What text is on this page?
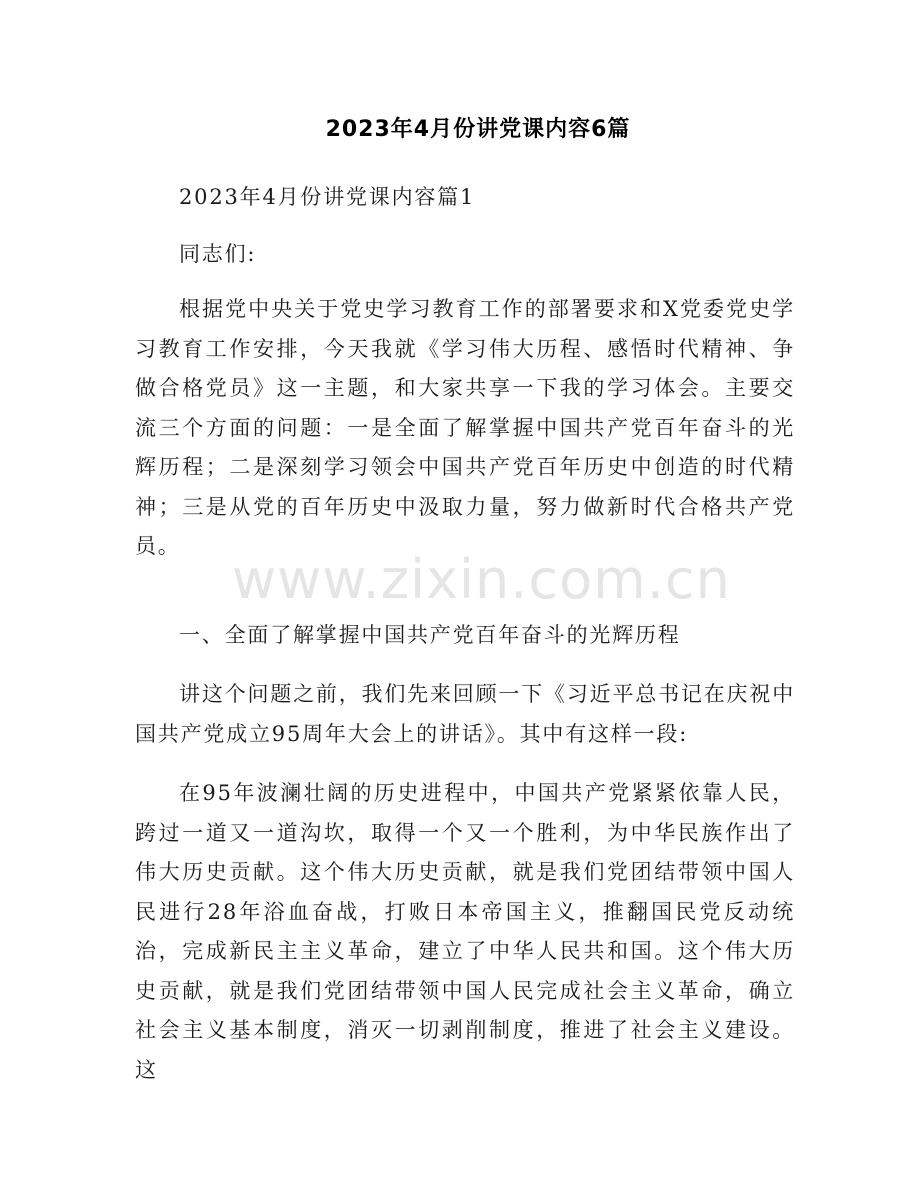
2023年4月份讲党课内容6篇
2023年4月份讲党课内容篇1
同志们:

根据党中央关于党史学习教育工作的部署要求和X党委党史学习教育工作安排，今天我就《学习伟大历程、感悟时代精神、争做合格党员》这一主题，和大家共享一下我的学习体会。主要交流三个方面的问题：一是全面了解掌握中国共产党百年奋斗的光辉历程；二是深刻学习领会中国共产党百年历史中创造的时代精神；三是从党的百年历史中汲取力量，努力做新时代合格共产党员。

一、全面了解掌握中国共产党百年奋斗的光辉历程

讲这个问题之前，我们先来回顾一下《习近平总书记在庆祝中国共产党成立95周年大会上的讲话》。其中有这样一段:

在95年波澜壮阔的历史进程中，中国共产党紧紧依靠人民，跨过一道又一道沟坎，取得一个又一个胜利，为中华民族作出了伟大历史贡献。这个伟大历史贡献，就是我们党团结带领中国人民进行28年浴血奋战，打败日本帝国主义，推翻国民党反动统治，完成新民主主义革命，建立了中华人民共和国。这个伟大历史贡献，就是我们党团结带领中国人民完成社会主义革命，确立社会主义基本制度，消灭一切剥削制度，推进了社会主义建设。这

www.zixin.com.cn
